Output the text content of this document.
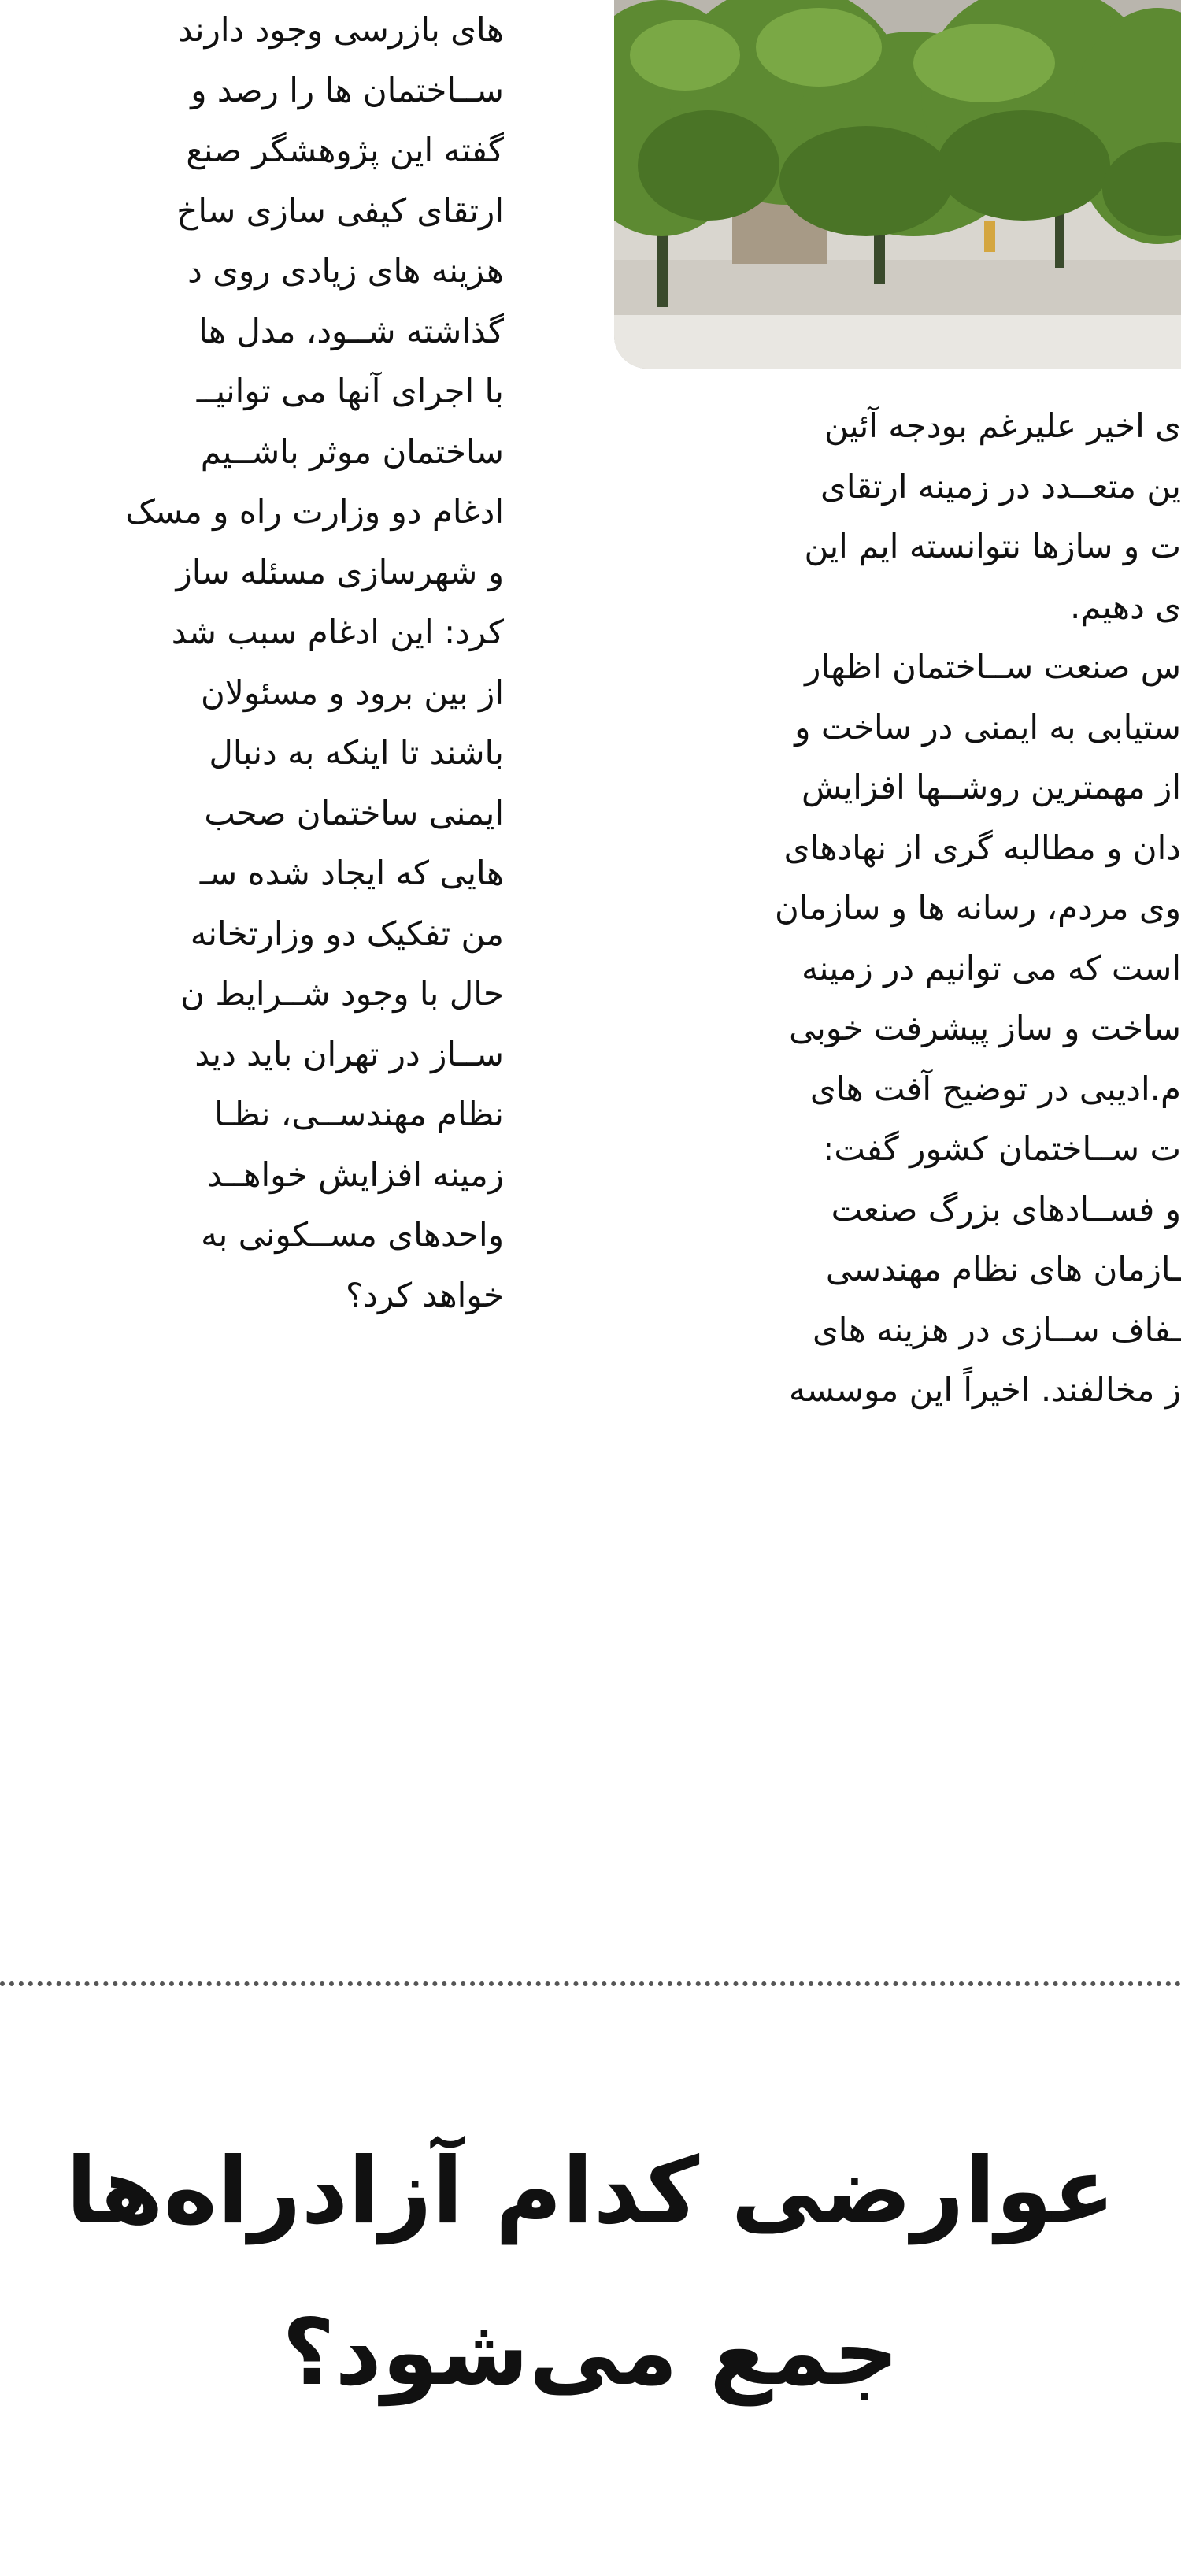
های بازرسی وجود دارند
ســاختمان ها را رصد و
گفته این پژوهشگر صنع
ارتقای کیفی سازی ساخ
هزینه های زیادی روی د
گذاشته شــود، مدل ها
با اجرای آنها می توانیــ
ساختمان موثر باشــیم
ادغام دو وزارت راه و مسک
و شهرسازی مسئله ساز
کرد: این ادغام سبب شد
از بین برود و مسئولان
باشند تا اینکه به دنبال
ایمنی ساختمان صحب
هایی که ایجاد شده سـ
من تفکیک دو وزارتخانه
حال با وجود شــرایط ن
ســاز در تهران باید دید
نظام مهندســی، نظـا
زمینه افزایش خواهــد
واحدهای مســکونی به
خواهد کرد؟
ی اخیر علیرغم بودجه آئین
ین متعــدد در زمینه ارتقای
ت و سازها نتوانسته ایم این
ی دهیم.
س صنعت ســاختمان اظهار
ستیابی به ایمنی در ساخت و
از مهمترین روشــها افزایش
دان و مطالبه گری از نهادهای
وی مردم، رسانه ها و سازمان
است که می توانیم در زمینه
ساخت و ساز پیشرفت خوبی
م.ادیبی در توضیح آفت های
ت ســاختمان کشور گفت:
و فســادهای بزرگ صنعت
ـازمان های نظام مهندسی
ـفاف ســازی در هزینه های
ز مخالفند. اخیراً این موسسه
عوارضی کدام آزادراه‌ها
جمع می‌شود؟
